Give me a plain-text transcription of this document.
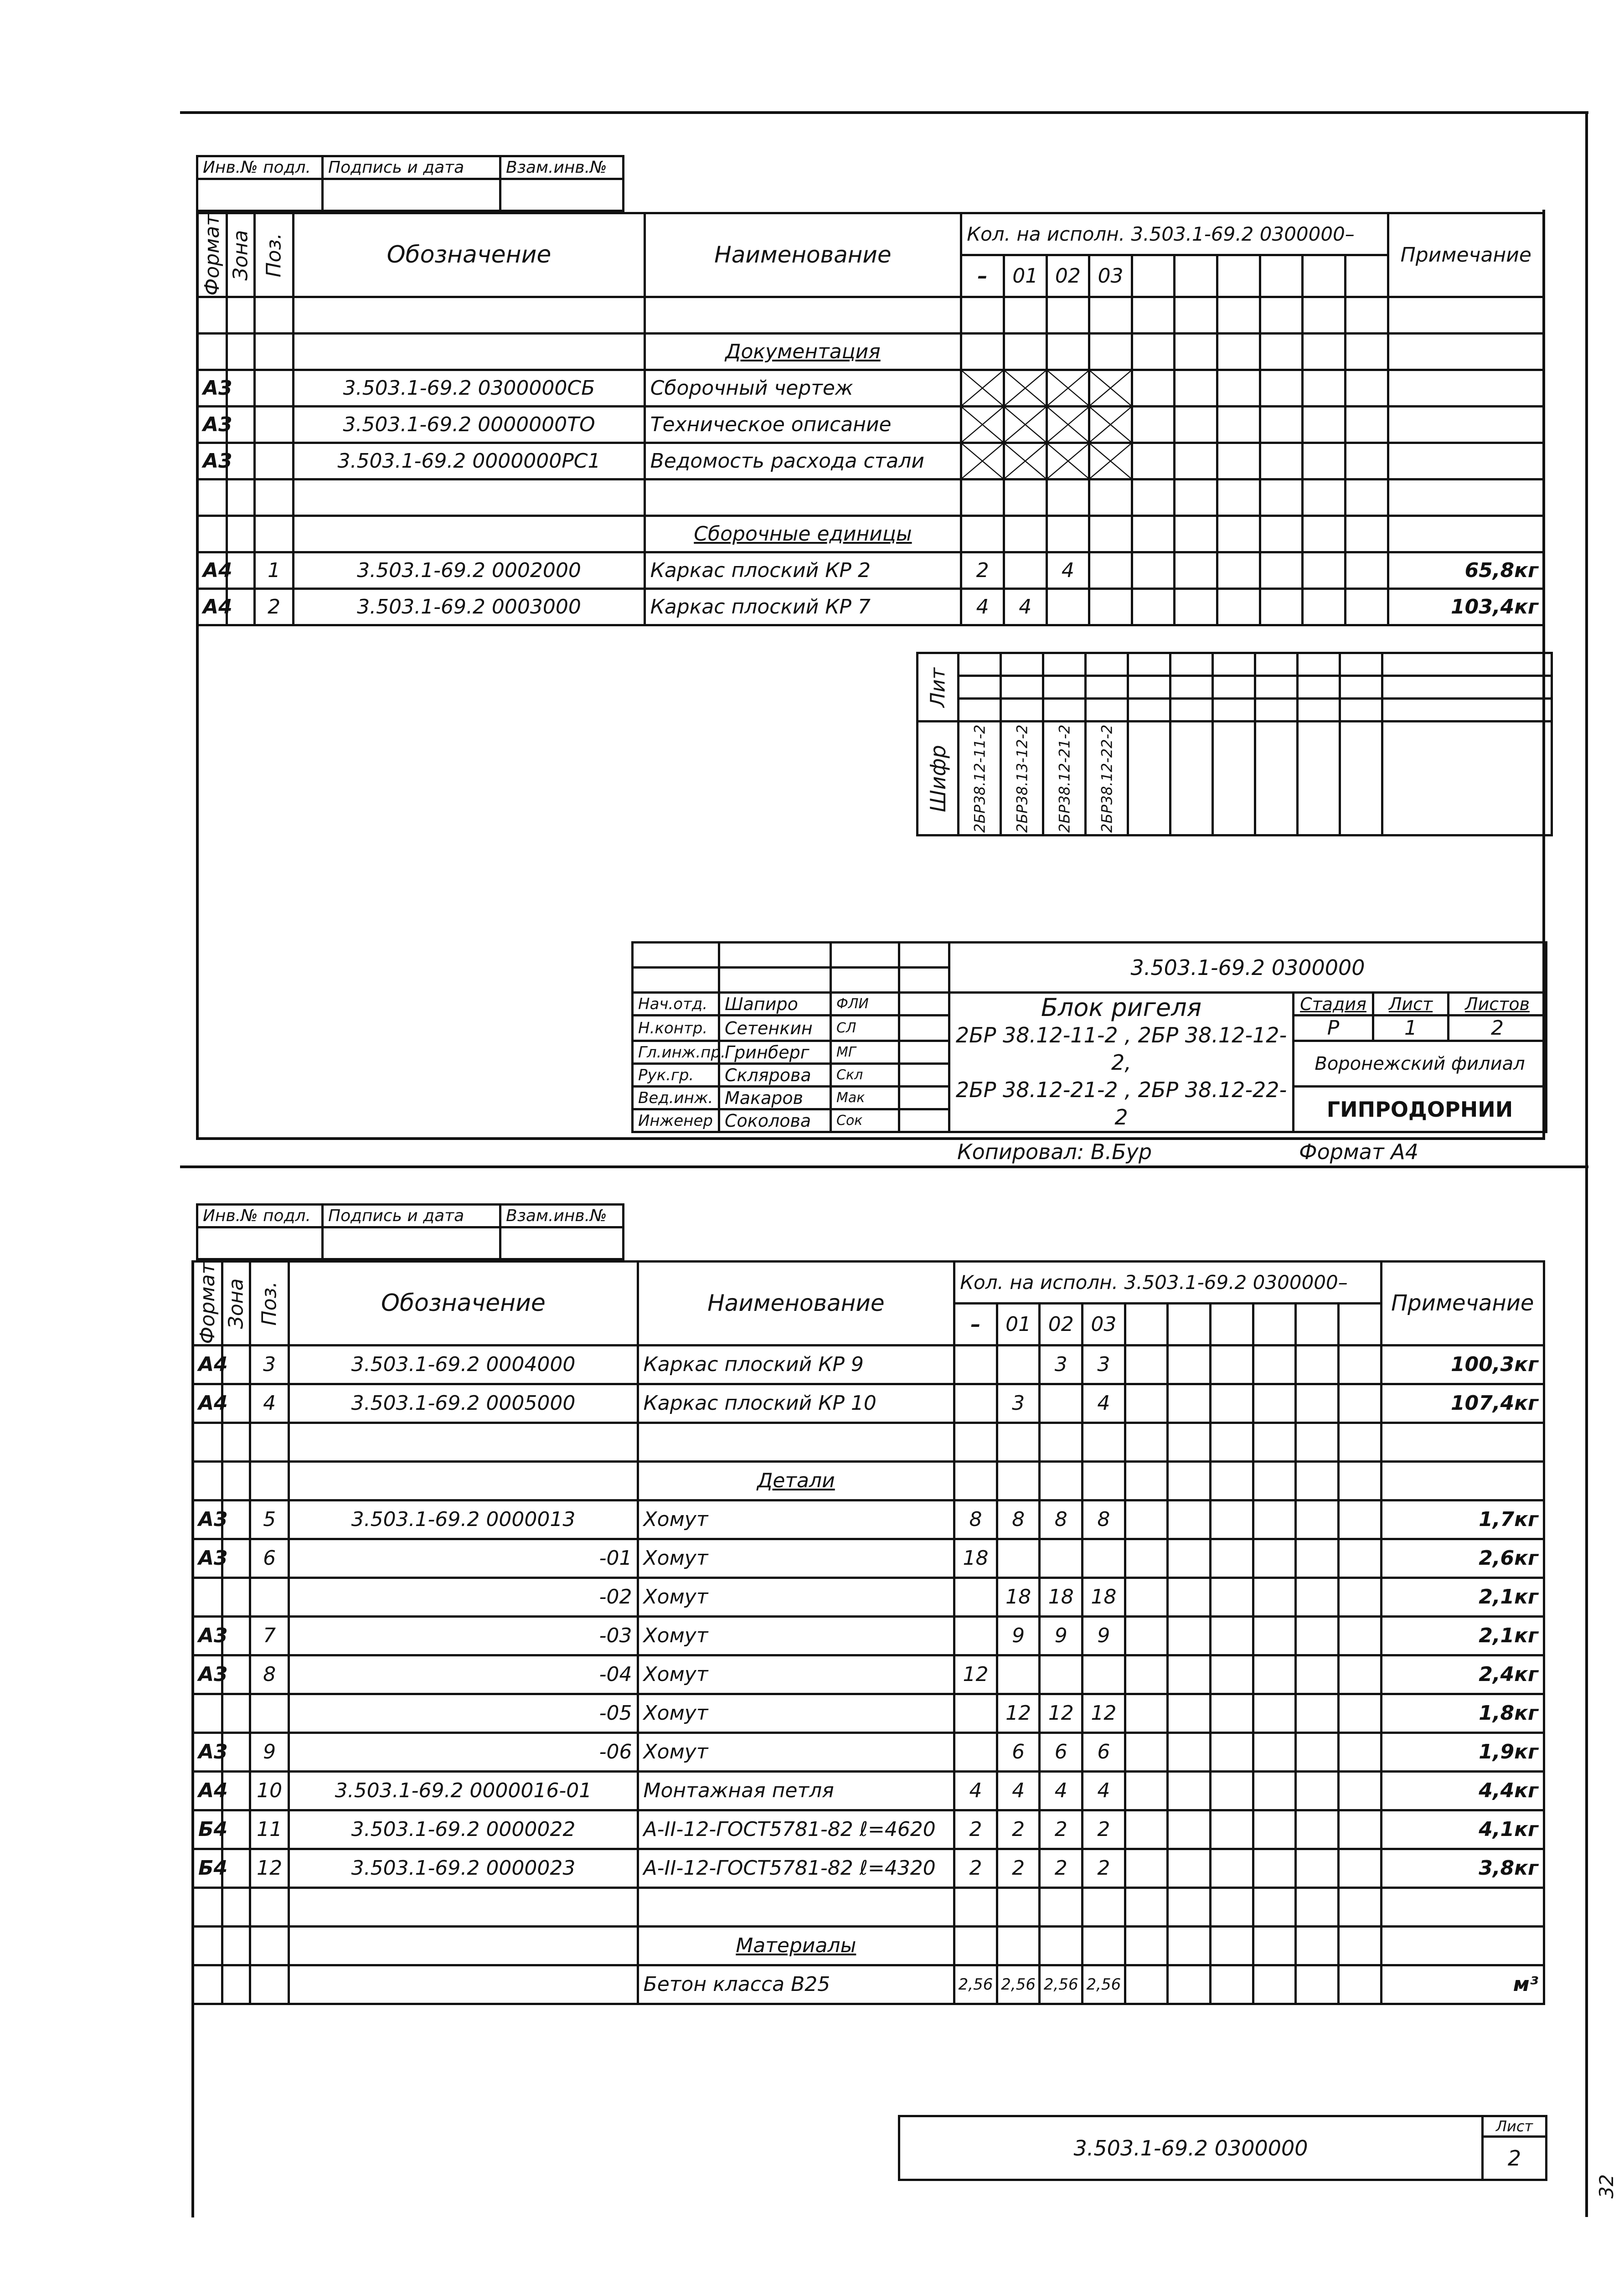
Инв.№ подл.	Подпись и дата	Взам.инв.№

Формат	Зона	Поз.	Обозначение	Наименование	Кол. на исполн. 3.503.1-69.2 0300000–										Примечание
					–	01	02	03							

				Документация											
А3			3.503.1-69.2 0300000СБ	Сборочный чертеж	

А3			3.503.1-69.2 0000000ТО	Техническое описание	

А3			3.503.1-69.2 0000000РС1	Ведомость расхода стали	

				Сборочные единицы											
А4		1	3.503.1-69.2 0002000	Каркас плоский КР 2	2		4								65,8кг
А4		2	3.503.1-69.2 0003000	Каркас плоский КР 7	4	4									103,4кг
Лит											

Шифр	2БР38.12-11-2	2БР38.13-12-2	2БР38.12-21-2	2БР38.12-22-2							
				3.503.1-69.2 0300000			

Нач.отд.	Шапиро	ФЛИ		Блок ригеля
2БР 38.12-11-2 , 2БР 38.12-12-2,
2БР 38.12-21-2 , 2БР 38.12-22-2	Стадия	Лист	Листов
Н.контр.	Сетенкин	СЛ			Р	1	2
Гл.инж.пр.	Гринберг	МГ			Воронежский филиал		
Рук.гр.	Склярова	Скл					
Вед.инж.	Макаров	Мак			ГИПРОДОРНИИ		
Инженер	Соколова	Сок					
Копировал: В.Бур	Формат А4
Инв.№ подл.	Подпись и дата	Взам.инв.№

Формат	Зона	Поз.	Обозначение	Наименование	Кол. на исполн. 3.503.1-69.2 0300000–										Примечание
					–	01	02	03							
А4		3	3.503.1-69.2 0004000	Каркас плоский КР 9			3	3							100,3кг
А4		4	3.503.1-69.2 0005000	Каркас плоский КР 10		3		4							107,4кг

				Детали											
А3		5	3.503.1-69.2 0000013	Хомут	8	8	8	8							1,7кг
А3		6	-01	Хомут	18										2,6кг
			-02	Хомут		18	18	18							2,1кг
А3		7	-03	Хомут		9	9	9							2,1кг
А3		8	-04	Хомут	12										2,4кг
			-05	Хомут		12	12	12							1,8кг
А3		9	-06	Хомут		6	6	6							1,9кг
А4		10	3.503.1-69.2 0000016-01	Монтажная петля	4	4	4	4							4,4кг
Б4		11	3.503.1-69.2 0000022	А-II-12-ГОСТ5781-82 ℓ=4620	2	2	2	2							4,1кг
Б4		12	3.503.1-69.2 0000023	А-II-12-ГОСТ5781-82 ℓ=4320	2	2	2	2							3,8кг

				Материалы											
				Бетон класса В25	2,56	2,56	2,56	2,56							м³
3.503.1-69.2 0300000	Лист
2
32
